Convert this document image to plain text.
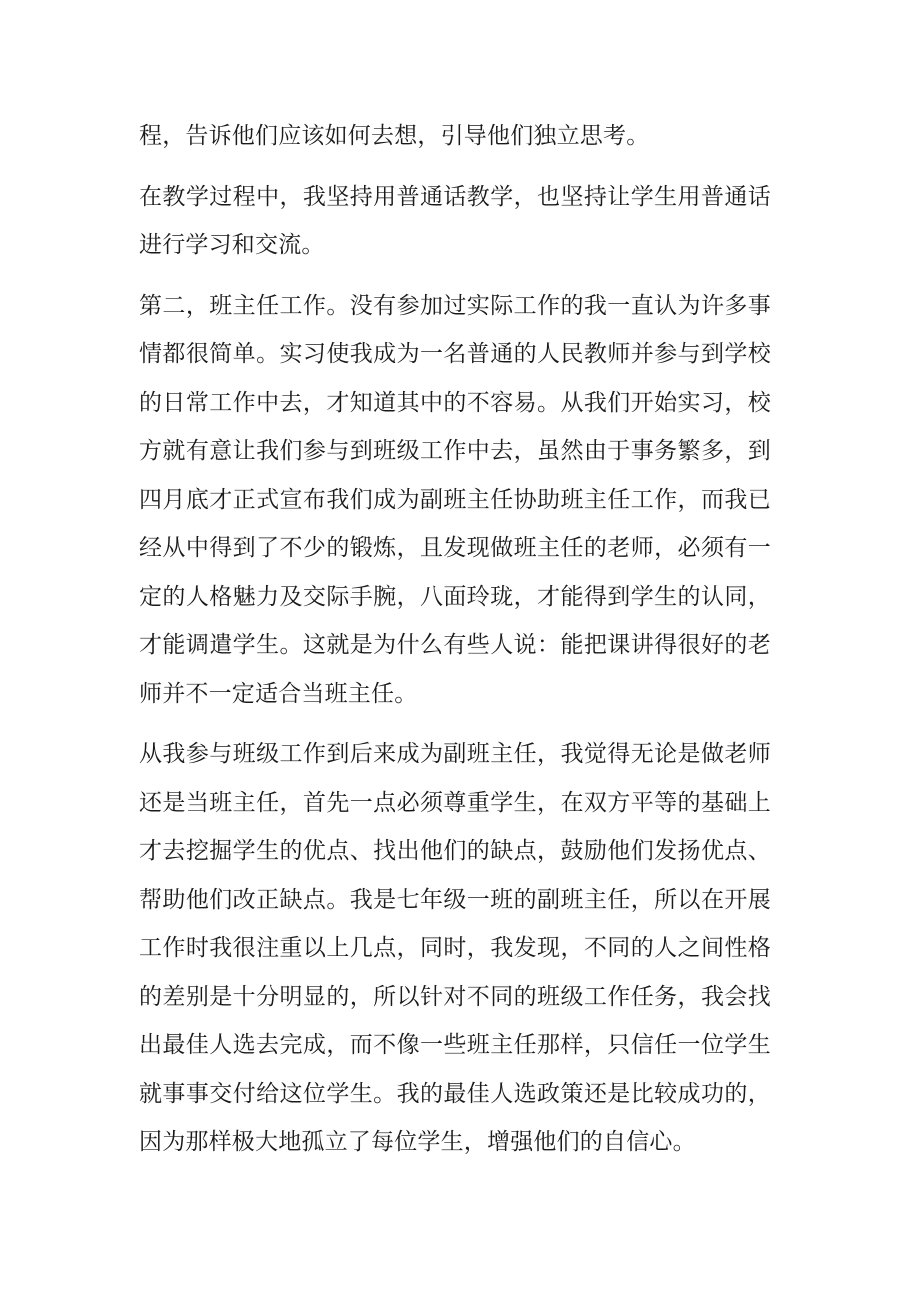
程，告诉他们应该如何去想，引导他们独立思考。

在教学过程中，我坚持用普通话教学，也坚持让学生用普通话进行学习和交流。

第二，班主任工作。没有参加过实际工作的我一直认为许多事情都很简单。实习使我成为一名普通的人民教师并参与到学校的日常工作中去，才知道其中的不容易。从我们开始实习，校方就有意让我们参与到班级工作中去，虽然由于事务繁多，到四月底才正式宣布我们成为副班主任协助班主任工作，而我已经从中得到了不少的锻炼，且发现做班主任的老师，必须有一定的人格魅力及交际手腕，八面玲珑，才能得到学生的认同，才能调遣学生。这就是为什么有些人说：能把课讲得很好的老师并不一定适合当班主任。

从我参与班级工作到后来成为副班主任，我觉得无论是做老师还是当班主任，首先一点必须尊重学生，在双方平等的基础上才去挖掘学生的优点、找出他们的缺点，鼓励他们发扬优点、帮助他们改正缺点。我是七年级一班的副班主任，所以在开展工作时我很注重以上几点，同时，我发现，不同的人之间性格的差别是十分明显的，所以针对不同的班级工作任务，我会找出最佳人选去完成，而不像一些班主任那样，只信任一位学生就事事交付给这位学生。我的最佳人选政策还是比较成功的，因为那样极大地孤立了每位学生，增强他们的自信心。
